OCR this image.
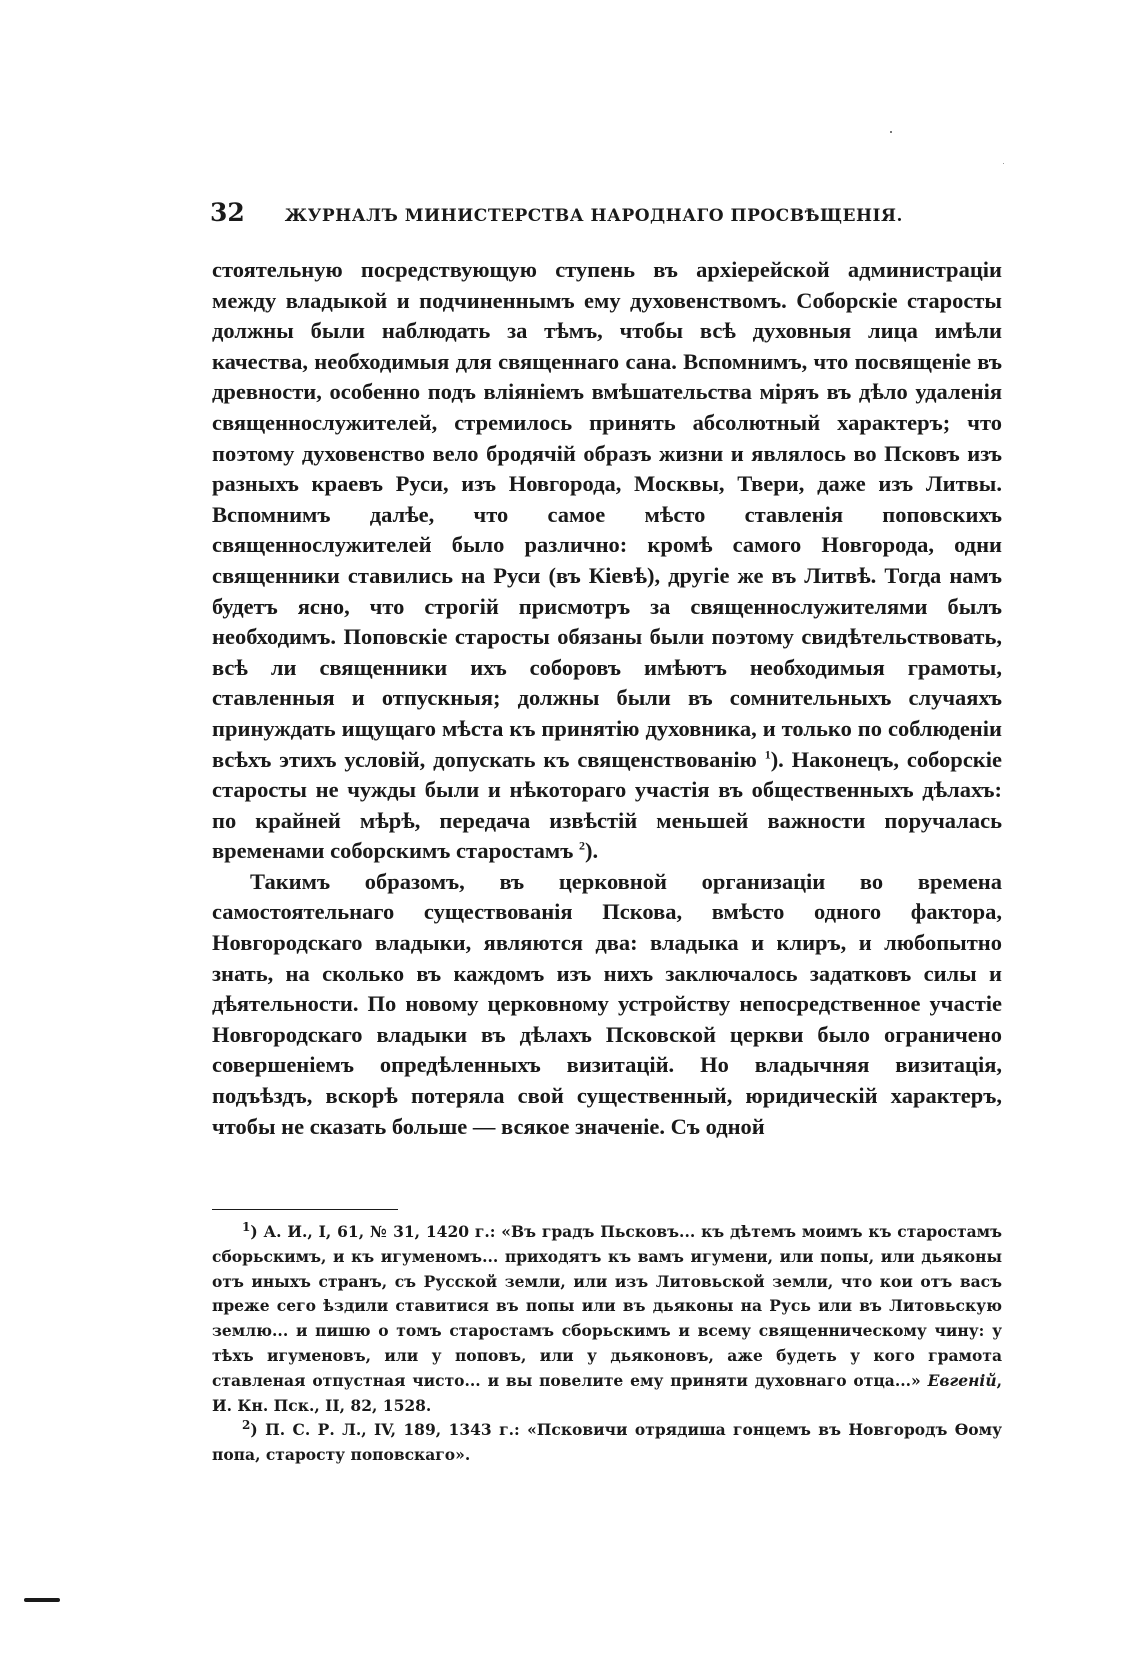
32 ЖУРНАЛЪ МИНИСТЕРСТВА НАРОДНАГО ПРОСВѢЩЕНІЯ.

стоятельную посредствующую ступень въ архіерейской администраціи между владыкой и подчиненнымъ ему духовенствомъ. Соборскіе старосты должны были наблюдать за тѣмъ, чтобы всѣ духовныя лица имѣли качества, необходимыя для священнаго сана. Вспомнимъ, что посвященіе въ древности, особенно подъ вліяніемъ вмѣшательства міряъ въ дѣло удаленія священнослужителей, стремилось принять абсолютный характеръ; что поэтому духовенство вело бродячій образъ жизни и являлось во Псковъ изъ разныхъ краевъ Руси, изъ Новгорода, Москвы, Твери, даже изъ Литвы. Вспомнимъ далѣе, что самое мѣсто ставленія поповскихъ священнослужителей было различно: кромѣ самого Новгорода, одни священники ставились на Руси (въ Кіевѣ), другіе же въ Литвѣ. Тогда намъ будетъ ясно, что строгій присмотръ за священнослужителями былъ необходимъ. Поповскіе старосты обязаны были поэтому свидѣтельствовать, всѣ ли священники ихъ соборовъ имѣютъ необходимыя грамоты, ставленныя и отпускныя; должны были въ сомнительныхъ случаяхъ принуждать ищущаго мѣста къ принятію духовника, и только по соблюденіи всѣхъ этихъ условій, допускать къ священствованію $^1$). Наконецъ, соборскіе старосты не чужды были и нѣкотораго участія въ общественныхъ дѣлахъ: по крайней мѣрѣ, передача извѣстій меньшей важности поручалась временами соборскимъ старостамъ $^2$).

Такимъ образомъ, въ церковной организаціи во времена самостоятельнаго существованія Пскова, вмѣсто одного фактора, Новгородскаго владыки, являются два: владыка и клиръ, и любопытно знать, на сколько въ каждомъ изъ нихъ заключалось задатковъ силы и дѣятельности. По новому церковному устройству непосредственное участіе Новгородскаго владыки въ дѣлахъ Псковской церкви было ограничено совершеніемъ опредѣленныхъ визитацій. Но владычняя визитація, подъѣздъ, вскорѣ потеряла свой существенный, юридическій характеръ, чтобы не сказать больше — всякое значеніе. Съ одной

$^1$) А. И., I, 61, № 31, 1420 г.: «Въ градъ Пьсковъ... къ дѣтемъ моимъ къ старостамъ сборьскимъ, и къ игуменомъ... приходятъ къ вамъ игумени, или попы, или дьяконы отъ иныхъ странъ, съ Русской земли, или изъ Литовьской земли, что кои отъ васъ преже сего ѣздили ставитися въ попы или въ дьяконы на Русь или въ Литовьскую землю... и пишю о томъ старостамъ сборьскимъ и всему священническому чину: у тѣхъ игуменовъ, или у поповъ, или у дьяконовъ, аже будеть у кого грамота ставленая отпустная чисто... и вы повелите ему приняти духовнаго отца...» Евгеній, И. Кн. Пск., II, 82, 1528.

$^2$) П. С. Р. Л., IV, 189, 1343 г.: «Псковичи отрядиша гонцемъ въ Новгородъ Ѳому попа, старосту поповскаго».
